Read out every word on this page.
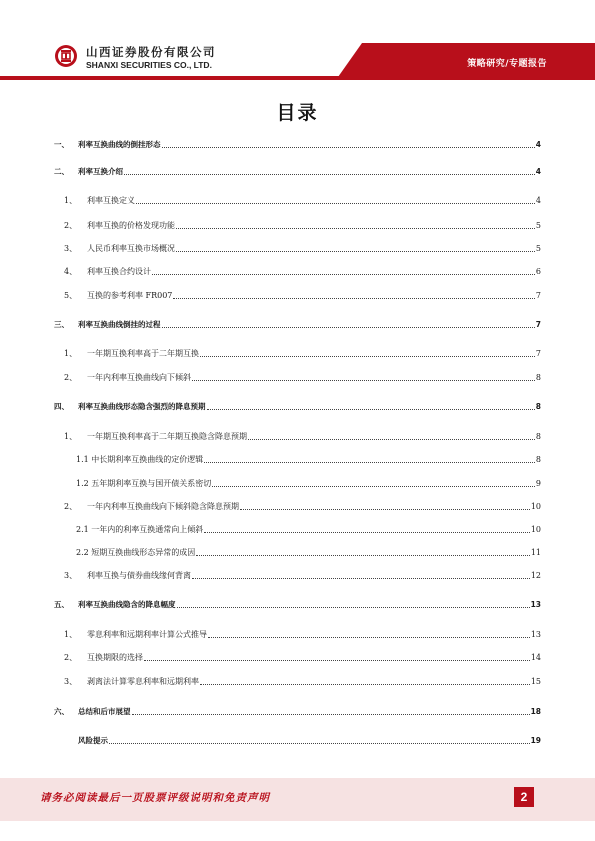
山西证券股份有限公司
SHANXI SECURITIES CO., LTD.	策略研究/专题报告
目录
一、	利率互换曲线的倒挂形态	4
二、	利率互换介绍	4
1、	利率互换定义	4
2、	利率互换的价格发现功能	5
3、	人民币利率互换市场概况	5
4、	利率互换合约设计	6
5、	互换的参考利率 FR007	7
三、	利率互换曲线倒挂的过程	7
1、	一年期互换利率高于二年期互换	7
2、	一年内利率互换曲线向下倾斜	8
四、	利率互换曲线形态隐含强烈的降息预期	8
1、	一年期互换利率高于二年期互换隐含降息预期	8
1.1 中长期利率互换曲线的定价逻辑	8
1.2 五年期利率互换与国开债关系密切	9
2、	一年内利率互换曲线向下倾斜隐含降息预期	10
2.1 一年内的利率互换通常向上倾斜	10
2.2 短期互换曲线形态异常的成因	11
3、	利率互换与债券曲线缘何背离	12
五、	利率互换曲线隐含的降息幅度	13
1、	零息利率和远期利率计算公式推导	13
2、	互换期限的选择	14
3、	剥离法计算零息利率和远期利率	15
六、	总结和后市展望	18
风险提示	19
请务必阅读最后一页股票评级说明和免责声明	2
